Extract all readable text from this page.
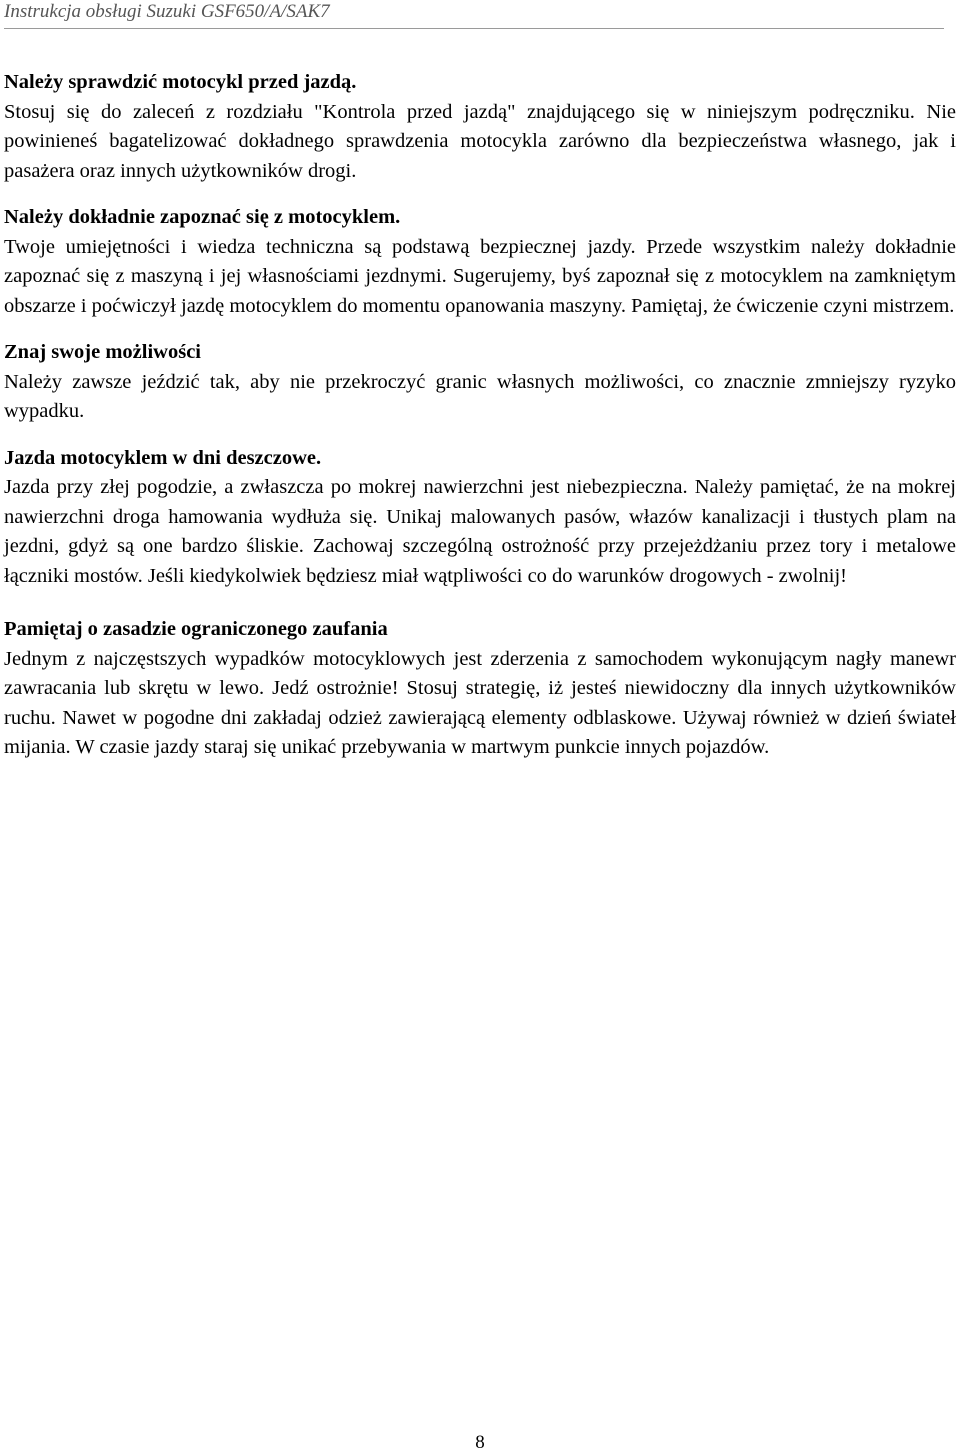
Instrukcja obsługi Suzuki GSF650/A/SAK7

Należy sprawdzić motocykl przed jazdą.

Stosuj się do zaleceń z rozdziału "Kontrola przed jazdą" znajdującego się w niniejszym podręczniku. Nie powinieneś bagatelizować dokładnego sprawdzenia motocykla zarówno dla bezpieczeństwa własnego, jak i pasażera oraz innych użytkowników drogi.

Należy dokładnie zapoznać się z motocyklem.

Twoje umiejętności i wiedza techniczna są podstawą bezpiecznej jazdy. Przede wszystkim należy dokładnie zapoznać się z maszyną i jej własnościami jezdnymi. Sugerujemy, byś zapoznał się z motocyklem na zamkniętym obszarze i poćwiczył jazdę motocyklem do momentu opanowania maszyny. Pamiętaj, że ćwiczenie czyni mistrzem.

Znaj swoje możliwości

Należy zawsze jeździć tak, aby nie przekroczyć granic własnych możliwości, co znacznie zmniejszy ryzyko wypadku.

Jazda motocyklem w dni deszczowe.

Jazda przy złej pogodzie, a zwłaszcza po mokrej nawierzchni jest niebezpieczna. Należy pamiętać, że na mokrej nawierzchni droga hamowania wydłuża się. Unikaj malowanych pasów, włazów kanalizacji i tłustych plam na jezdni, gdyż są one bardzo śliskie. Zachowaj szczególną ostrożność przy przejeżdżaniu przez tory i metalowe łączniki mostów. Jeśli kiedykolwiek będziesz miał wątpliwości co do warunków drogowych - zwolnij!

Pamiętaj o zasadzie ograniczonego zaufania

Jednym z najczęstszych wypadków motocyklowych jest zderzenia z samochodem wykonującym nagły manewr zawracania lub skrętu w lewo. Jedź ostrożnie! Stosuj strategię, iż jesteś niewidoczny dla innych użytkowników ruchu. Nawet w pogodne dni zakładaj odzież zawierającą elementy odblaskowe. Używaj również w dzień świateł mijania. W czasie jazdy staraj się unikać przebywania w martwym punkcie innych pojazdów.

8
